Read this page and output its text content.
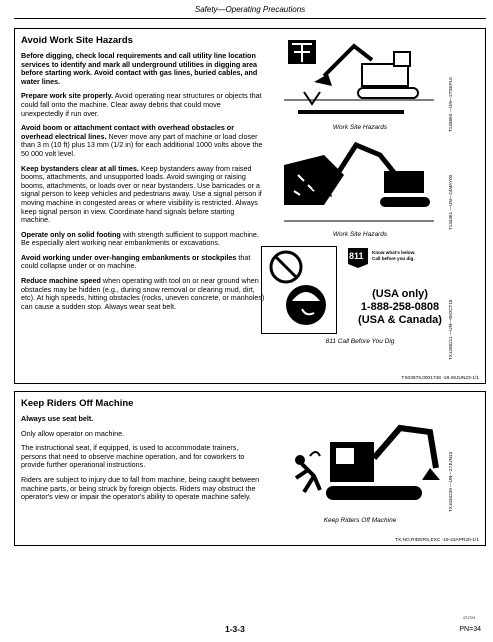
Safety—Operating Precautions
Avoid Work Site Hazards
Before digging, check local requirements and call utility line location services to identify and mark all underground utilities in digging area before starting work. Avoid contact with gas lines, buried cables, and water lines.
Prepare work site properly. Avoid operating near structures or objects that could fall onto the machine. Clear away debris that could move unexpectedly if run over.
Avoid boom or attachment contact with overhead obstacles or overhead electrical lines. Never move any part of machine or load closer than 3 m (10 ft) plus 13 mm (1/2 in) for each additional 1000 volts above the 50 000 volt level.
Keep bystanders clear at all times. Keep bystanders away from raised booms, attachments, and unsupported loads. Avoid swinging or raising booms, attachments, or loads over or near bystanders. Use barricades or a signal person to keep vehicles and pedestrians away. Use a signal person if moving machine in congested areas or where visibility is restricted. Always keep signal person in view. Coordinate hand signals before starting machine.
Operate only on solid footing with strength sufficient to support machine. Be especially alert working near embankments or excavations.
Avoid working under over-hanging embankments or stockpiles that could collapse under or on machine.
Reduce machine speed when operating with tool on or near ground when obstacles may be hidden (e.g., during snow removal or clearing mud, dirt, etc). At high speeds, hitting obstacles (rocks, uneven concrete, or manholes) can cause a sudden stop. Always wear seat belt.
TX03679,0001748 -19-26JUN23-1/1
Work Site Hazards	T133650 —UN—27SEP10
Work Site Hazards
T133461 —UN—24MAY00
811 Know what's below.
Call before you dig.
(USA only)
1-888-258-0808
(USA & Canada)
811 Call Before You Dig	TX1268211 —UN—05OCT18
Keep Riders Off Machine
Always use seat belt.
Only allow operator on machine.
The instructional seat, if equipped, is used to accommodate trainers, persons that need to observe machine operation, and for coworkers to provide further operational instructions.
Riders are subject to injury due to fall from machine, being caught between machine parts, or being struck by foreign objects. Riders may obstruct the operator's view or impair the operator's ability to operate machine safely.
TX,NO,RIDERS,EXC -19-23APR20-1/1
Keep Riders Off Machine
TX1034239 —UN—27JUN13
071724
1-3-3	PN=34
